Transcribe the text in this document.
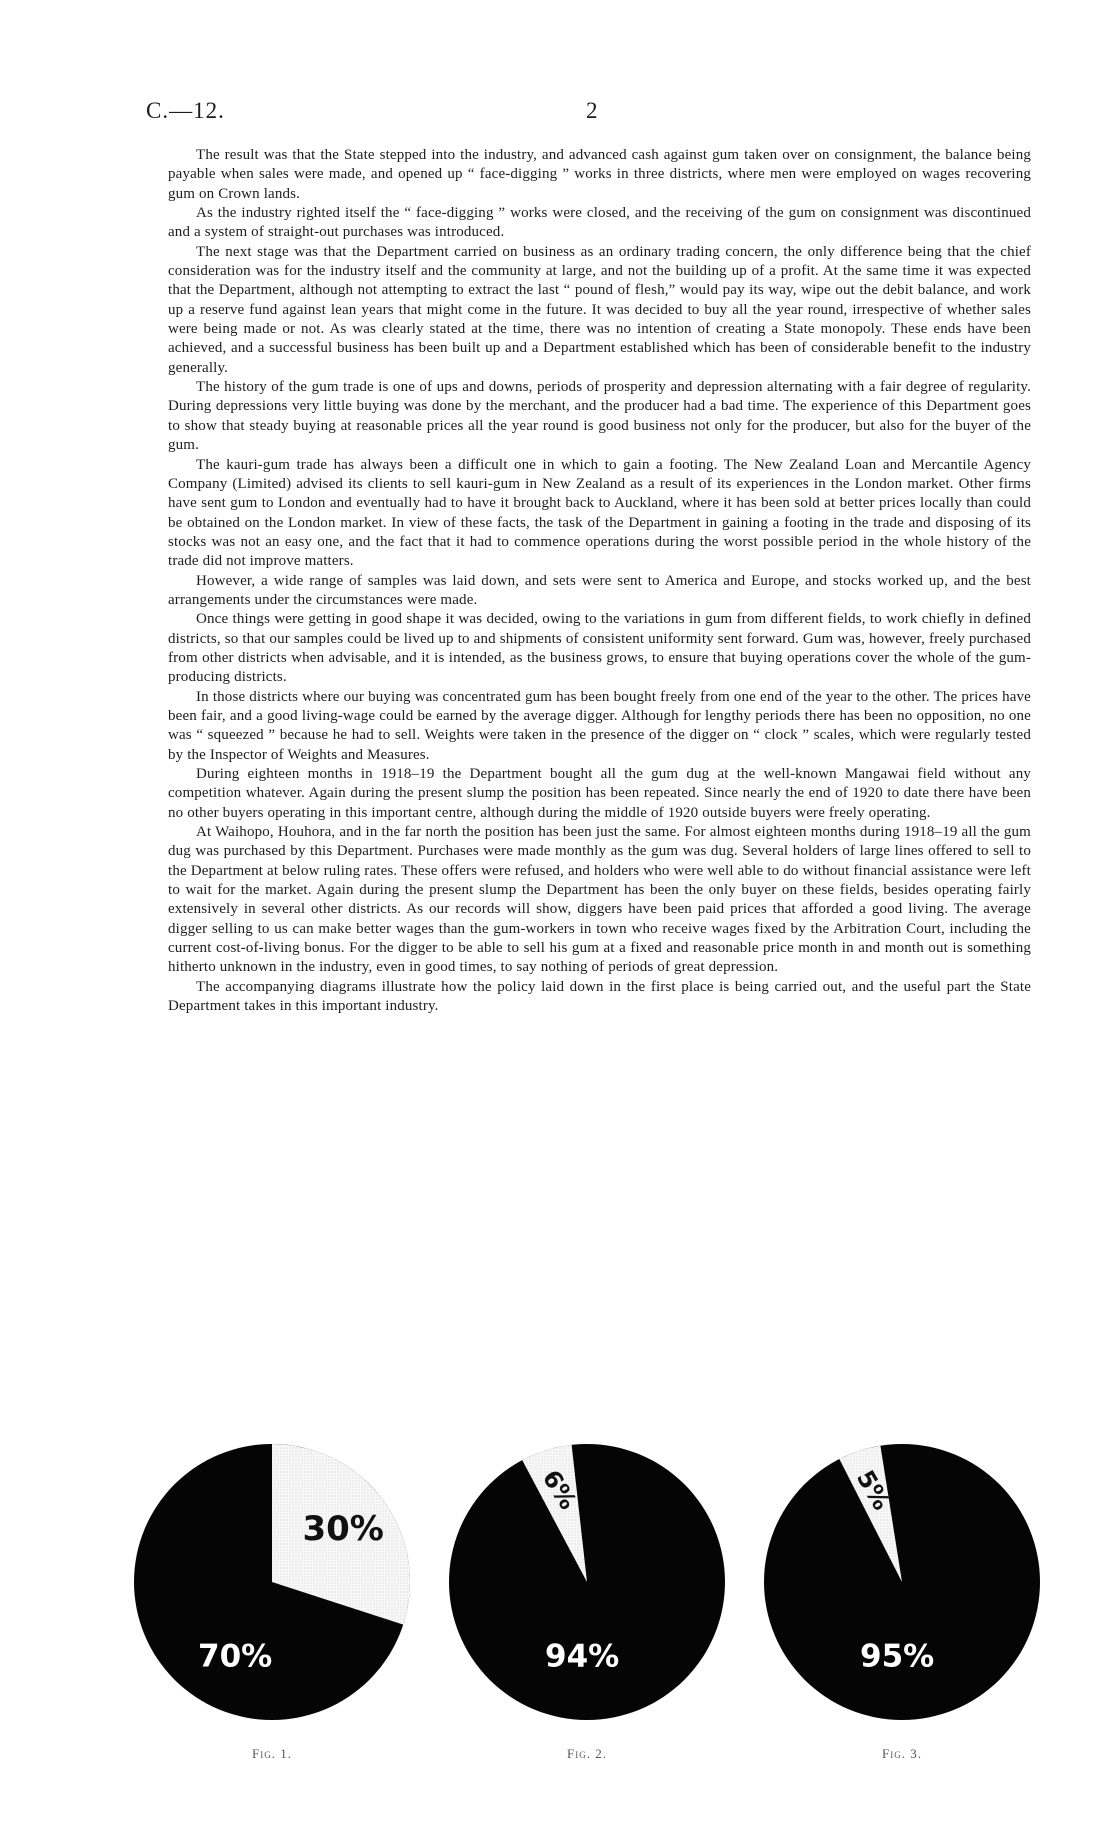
C.—12.	2

The result was that the State stepped into the industry, and advanced cash against gum taken over on consignment, the balance being payable when sales were made, and opened up “ face-digging ” works in three districts, where men were employed on wages recovering gum on Crown lands.

As the industry righted itself the “ face-digging ” works were closed, and the receiving of the gum on consignment was discontinued and a system of straight-out purchases was introduced.

The next stage was that the Department carried on business as an ordinary trading concern, the only difference being that the chief consideration was for the industry itself and the community at large, and not the building up of a profit. At the same time it was expected that the Department, although not attempting to extract the last “ pound of flesh,” would pay its way, wipe out the debit balance, and work up a reserve fund against lean years that might come in the future. It was decided to buy all the year round, irrespective of whether sales were being made or not. As was clearly stated at the time, there was no intention of creating a State monopoly. These ends have been achieved, and a successful business has been built up and a Department established which has been of considerable benefit to the industry generally.

The history of the gum trade is one of ups and downs, periods of prosperity and depression alternating with a fair degree of regularity. During depressions very little buying was done by the merchant, and the producer had a bad time. The experience of this Department goes to show that steady buying at reasonable prices all the year round is good business not only for the producer, but also for the buyer of the gum.

The kauri-gum trade has always been a difficult one in which to gain a footing. The New Zealand Loan and Mercantile Agency Company (Limited) advised its clients to sell kauri-gum in New Zealand as a result of its experiences in the London market. Other firms have sent gum to London and eventually had to have it brought back to Auckland, where it has been sold at better prices locally than could be obtained on the London market. In view of these facts, the task of the Department in gaining a footing in the trade and disposing of its stocks was not an easy one, and the fact that it had to commence operations during the worst possible period in the whole history of the trade did not improve matters.

However, a wide range of samples was laid down, and sets were sent to America and Europe, and stocks worked up, and the best arrangements under the circumstances were made.

Once things were getting in good shape it was decided, owing to the variations in gum from different fields, to work chiefly in defined districts, so that our samples could be lived up to and shipments of consistent uniformity sent forward. Gum was, however, freely purchased from other districts when advisable, and it is intended, as the business grows, to ensure that buying operations cover the whole of the gum-producing districts.

In those districts where our buying was concentrated gum has been bought freely from one end of the year to the other. The prices have been fair, and a good living-wage could be earned by the average digger. Although for lengthy periods there has been no opposition, no one was “ squeezed ” because he had to sell. Weights were taken in the presence of the digger on “ clock ” scales, which were regularly tested by the Inspector of Weights and Measures.

During eighteen months in 1918–19 the Department bought all the gum dug at the well-known Mangawai field without any competition whatever. Again during the present slump the position has been repeated. Since nearly the end of 1920 to date there have been no other buyers operating in this important centre, although during the middle of 1920 outside buyers were freely operating.

At Waihopo, Houhora, and in the far north the position has been just the same. For almost eighteen months during 1918–19 all the gum dug was purchased by this Department. Purchases were made monthly as the gum was dug. Several holders of large lines offered to sell to the Department at below ruling rates. These offers were refused, and holders who were well able to do without financial assistance were left to wait for the market. Again during the present slump the Department has been the only buyer on these fields, besides operating fairly extensively in several other districts. As our records will show, diggers have been paid prices that afforded a good living. The average digger selling to us can make better wages than the gum-workers in town who receive wages fixed by the Arbitration Court, including the current cost-of-living bonus. For the digger to be able to sell his gum at a fixed and reasonable price month in and month out is something hitherto unknown in the industry, even in good times, to say nothing of periods of great depression.

The accompanying diagrams illustrate how the policy laid down in the first place is being carried out, and the useful part the State Department takes in this important industry.

30%
70%
Fig. 1.
6%
94%
Fig. 2.
5%
95%
Fig. 3.
